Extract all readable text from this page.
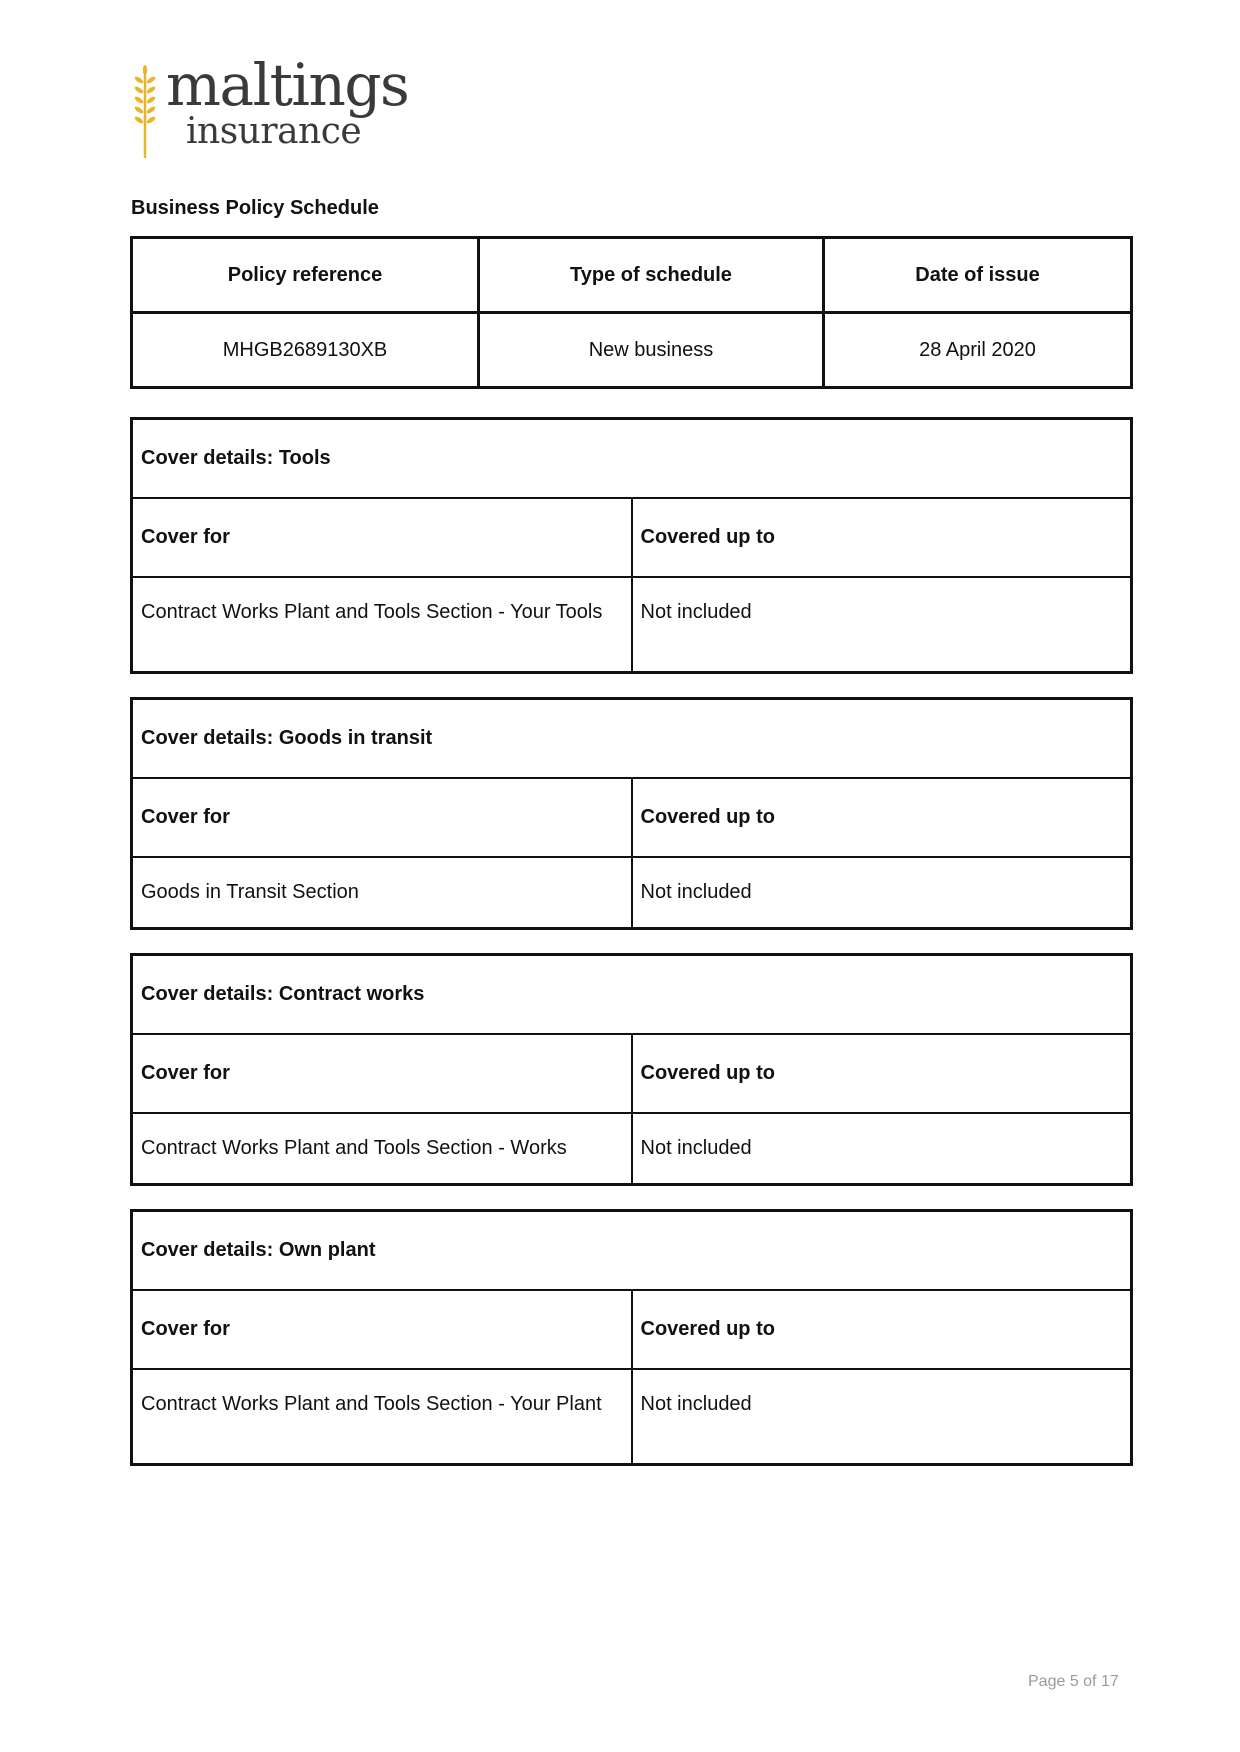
maltings
insurance
Business Policy Schedule
Policy reference	Type of schedule	Date of issue
MHGB2689130XB	New business	28 April 2020
Cover details: Tools	
Cover for	Covered up to
Contract Works Plant and Tools Section - Your Tools	Not included
Cover details: Goods in transit	
Cover for	Covered up to
Goods in Transit Section	Not included
Cover details: Contract works	
Cover for	Covered up to
Contract Works Plant and Tools Section - Works	Not included
Cover details: Own plant	
Cover for	Covered up to
Contract Works Plant and Tools Section - Your Plant	Not included
Page 5 of 17
